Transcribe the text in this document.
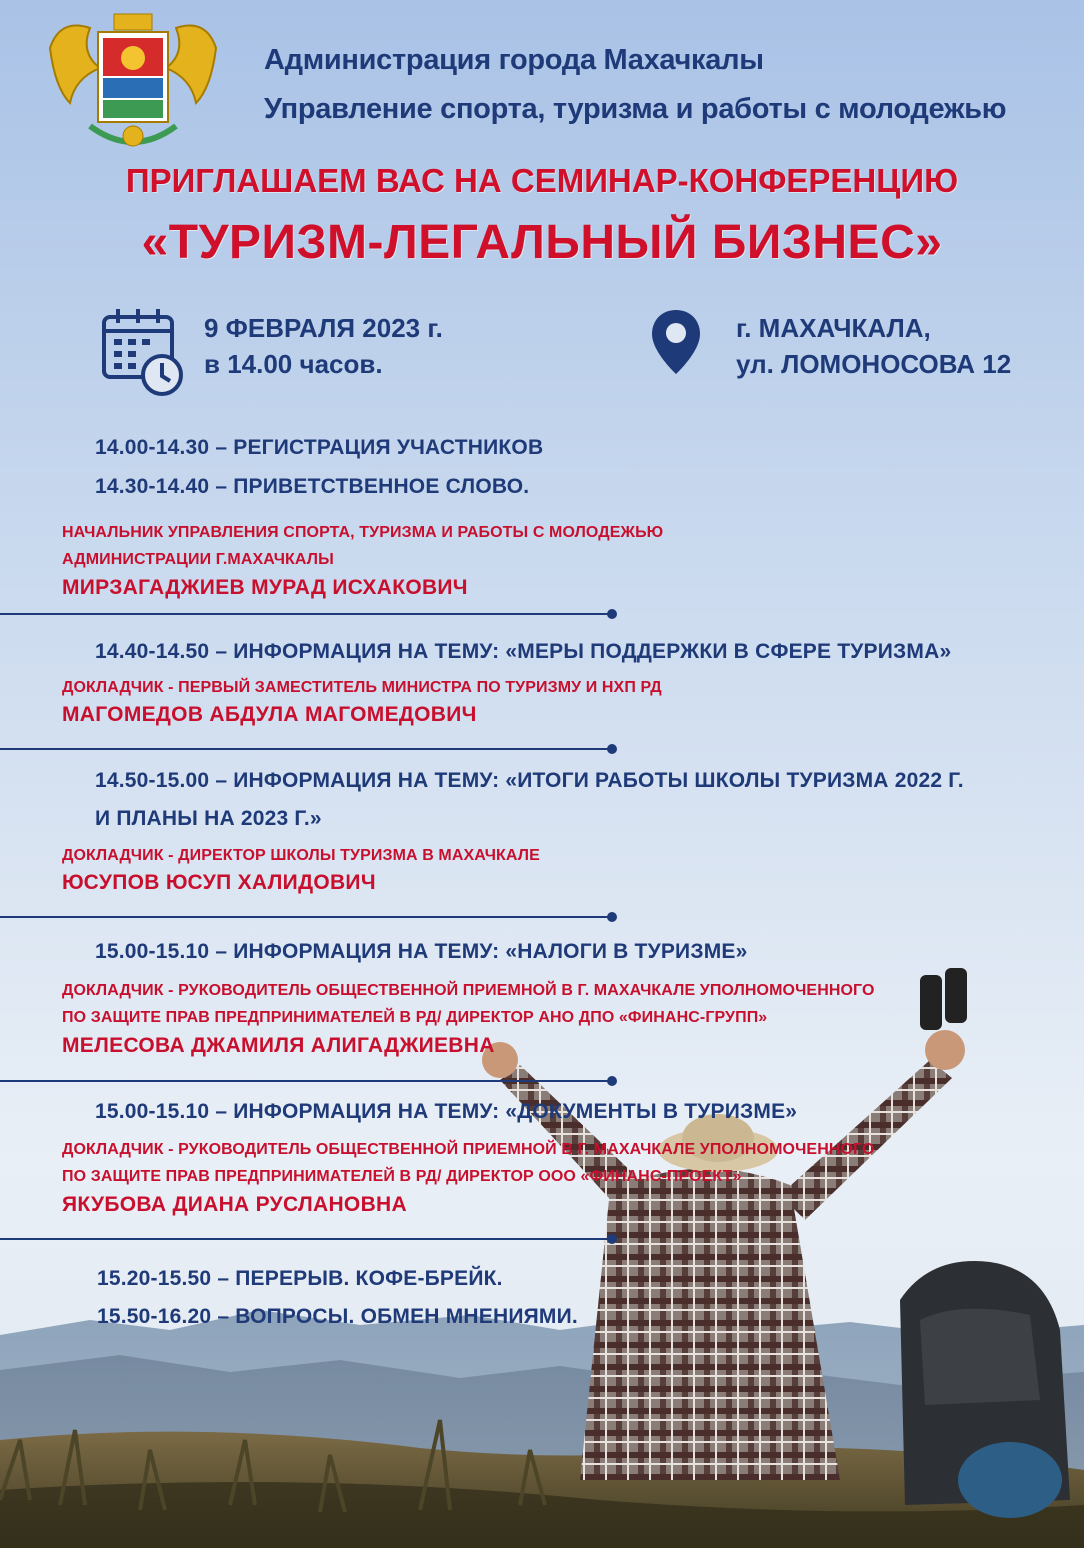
Администрация города Махачкалы
Управление спорта, туризма и работы с молодежью
ПРИГЛАШАЕМ ВАС НА СЕМИНАР-КОНФЕРЕНЦИЮ
«ТУРИЗМ-ЛЕГАЛЬНЫЙ БИЗНЕС»
9 ФЕВРАЛЯ 2023 г.
в 14.00 часов.
г. МАХАЧКАЛА,
ул. ЛОМОНОСОВА 12
14.00-14.30 – РЕГИСТРАЦИЯ УЧАСТНИКОВ
14.30-14.40 – ПРИВЕТСТВЕННОЕ СЛОВО.
НАЧАЛЬНИК УПРАВЛЕНИЯ СПОРТА, ТУРИЗМА И РАБОТЫ С МОЛОДЕЖЬЮ
АДМИНИСТРАЦИИ Г.МАХАЧКАЛЫ
МИРЗАГАДЖИЕВ МУРАД ИСХАКОВИЧ
14.40-14.50 – ИНФОРМАЦИЯ НА ТЕМУ: «МЕРЫ ПОДДЕРЖКИ В СФЕРЕ ТУРИЗМА»
ДОКЛАДЧИК - ПЕРВЫЙ ЗАМЕСТИТЕЛЬ МИНИСТРА ПО ТУРИЗМУ И НХП РД
МАГОМЕДОВ АБДУЛА МАГОМЕДОВИЧ
14.50-15.00 – ИНФОРМАЦИЯ НА ТЕМУ: «ИТОГИ РАБОТЫ ШКОЛЫ ТУРИЗМА 2022 Г.
И ПЛАНЫ НА 2023 Г.»
ДОКЛАДЧИК - ДИРЕКТОР ШКОЛЫ ТУРИЗМА В МАХАЧКАЛЕ
ЮСУПОВ ЮСУП ХАЛИДОВИЧ
15.00-15.10 – ИНФОРМАЦИЯ НА ТЕМУ: «НАЛОГИ В ТУРИЗМЕ»
ДОКЛАДЧИК - РУКОВОДИТЕЛЬ ОБЩЕСТВЕННОЙ ПРИЕМНОЙ В Г. МАХАЧКАЛЕ УПОЛНОМОЧЕННОГО
ПО ЗАЩИТЕ ПРАВ ПРЕДПРИНИМАТЕЛЕЙ В РД/ ДИРЕКТОР АНО ДПО «ФИНАНС-ГРУПП»
МЕЛЕСОВА ДЖАМИЛЯ АЛИГАДЖИЕВНА
15.00-15.10 – ИНФОРМАЦИЯ НА ТЕМУ: «ДОКУМЕНТЫ В ТУРИЗМЕ»
ДОКЛАДЧИК - РУКОВОДИТЕЛЬ ОБЩЕСТВЕННОЙ ПРИЕМНОЙ В Г. МАХАЧКАЛЕ УПОЛНОМОЧЕННОГО
ПО ЗАЩИТЕ ПРАВ ПРЕДПРИНИМАТЕЛЕЙ В РД/ ДИРЕКТОР ООО «ФИНАНС-ПРОЕКТ»
ЯКУБОВА ДИАНА РУСЛАНОВНА
15.20-15.50 – ПЕРЕРЫВ. КОФЕ-БРЕЙК.
15.50-16.20 – ВОПРОСЫ. ОБМЕН МНЕНИЯМИ.
